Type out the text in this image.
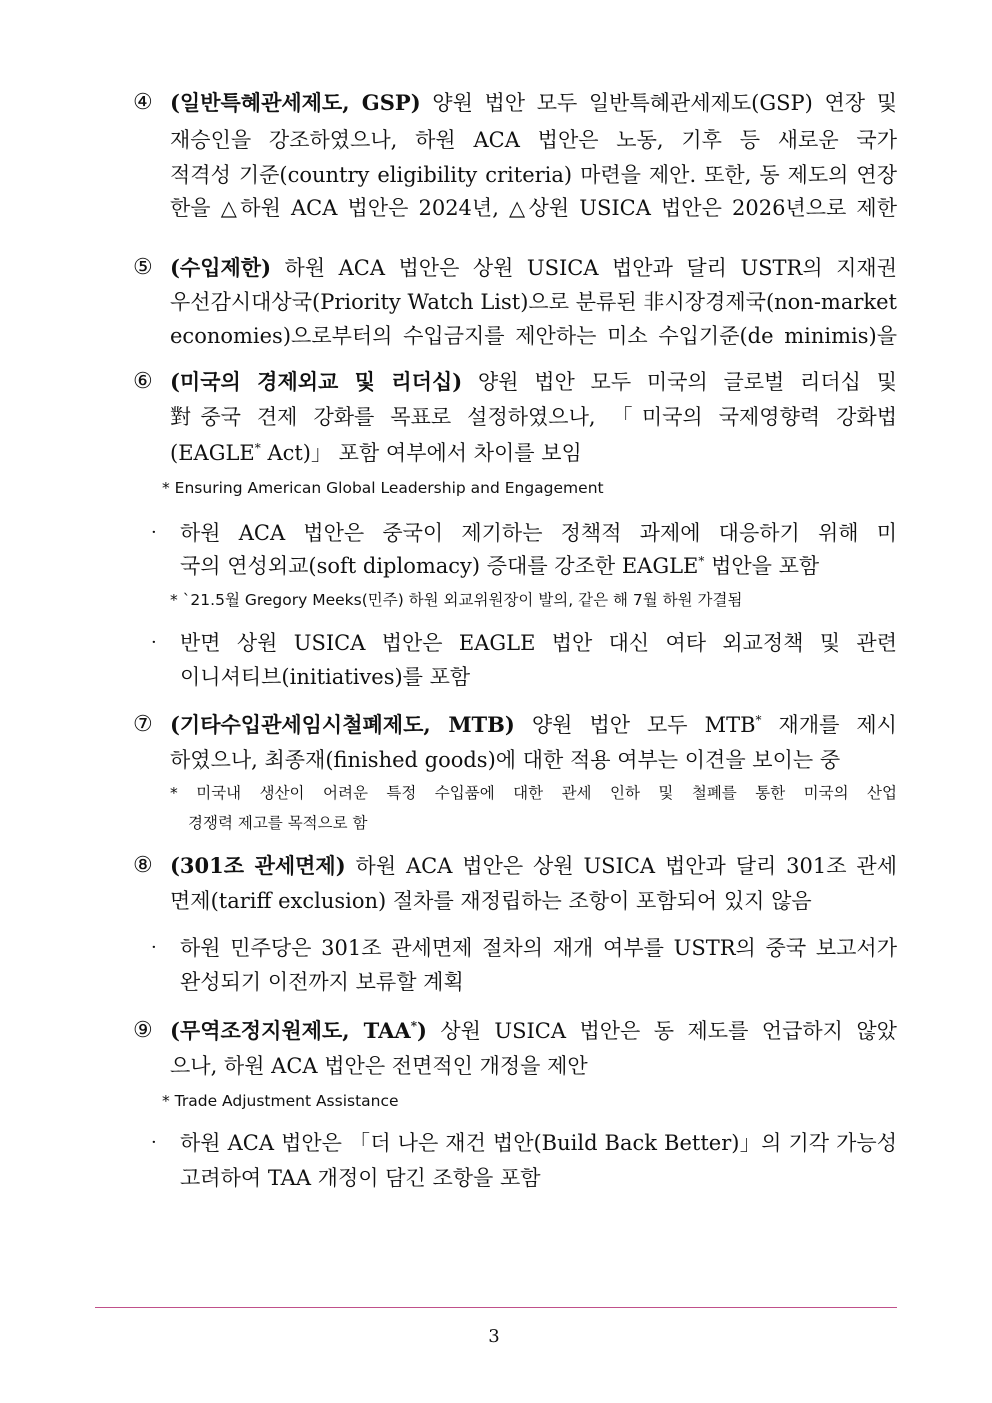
④ (일반특혜관세제도, GSP) 양원 법안 모두 일반특혜관세제도(GSP) 연장 및
재승인을 강조하였으나, 하원 ACA 법안은 노동, 기후 등 새로운 국가
적격성 기준(country eligibility criteria) 마련을 제안. 또한, 동 제도의 연장
한을 △하원 ACA 법안은 2024년, △상원 USICA 법안은 2026년으로 제한
⑤ (수입제한) 하원 ACA 법안은 상원 USICA 법안과 달리 USTR의 지재권
우선감시대상국(Priority Watch List)으로 분류된 非시장경제국(non-market
economies)으로부터의 수입금지를 제안하는 미소 수입기준(de minimis)을
⑥ (미국의 경제외교 및 리더십) 양원 법안 모두 미국의 글로벌 리더십 및
對중국 견제 강화를 목표로 설정하였으나, 「미국의 국제영향력 강화법
(EAGLE* Act)」 포함 여부에서 차이를 보임
* Ensuring American Global Leadership and Engagement
· 하원 ACA 법안은 중국이 제기하는 정책적 과제에 대응하기 위해 미
국의 연성외교(soft diplomacy) 증대를 강조한 EAGLE* 법안을 포함
* `21.5월 Gregory Meeks(민주) 하원 외교위원장이 발의, 같은 해 7월 하원 가결됨
· 반면 상원 USICA 법안은 EAGLE 법안 대신 여타 외교정책 및 관련
이니셔티브(initiatives)를 포함
⑦ (기타수입관세임시철폐제도, MTB) 양원 법안 모두 MTB* 재개를 제시
하였으나, 최종재(finished goods)에 대한 적용 여부는 이견을 보이는 중
* 미국내 생산이 어려운 특정 수입품에 대한 관세 인하 및 철폐를 통한 미국의 산업
경쟁력 제고를 목적으로 함
⑧ (301조 관세면제) 하원 ACA 법안은 상원 USICA 법안과 달리 301조 관세
면제(tariff exclusion) 절차를 재정립하는 조항이 포함되어 있지 않음
· 하원 민주당은 301조 관세면제 절차의 재개 여부를 USTR의 중국 보고서가
완성되기 이전까지 보류할 계획
⑨ (무역조정지원제도, TAA*) 상원 USICA 법안은 동 제도를 언급하지 않았
으나, 하원 ACA 법안은 전면적인 개정을 제안
* Trade Adjustment Assistance
· 하원 ACA 법안은 「더 나은 재건 법안(Build Back Better)」의 기각 가능성
고려하여 TAA 개정이 담긴 조항을 포함
3
